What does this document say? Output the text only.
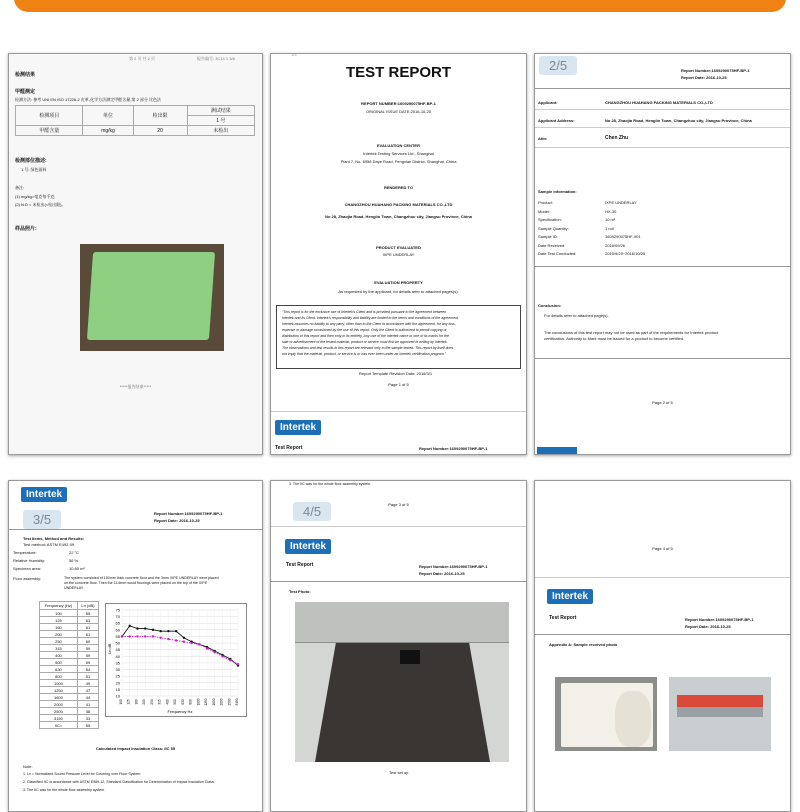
第 2 页 共 2 页	报告编号: 3C14 1 3/6
检测结果
甲醛测定
检测方法: 参考 UNI EN ISO 17226-2 皮革-化学方法测定甲醛含量-第 2 部分 比色法
检测项目	单位	检出限	测试结果
			1 号
甲醛含量	mg/kg	20	未检出
检测部位描述:
1 号: 绿色面料
备注:
(1) mg/kg=毫克每千克;
(2) N.D = 未检出(<检出限)。
样品照片:
*****报告结束*****
1/5
TEST REPORT
REPORT NUMBER:1609290075HF-BP-1
ORIGINAL ISSUE DATE:2016-10-25
EVALUATION CENTER
Intertek Testing Services Ltd., Shanghai
Plant 7, No. 6958 Daye Road, Fengxian District, Shanghai, China
RENDERED TO
CHANGZHOU HUAHANG PACKING MATERIALS CO.,LTD
No 28, Zhaojia Road, Henglin Town, Changzhou city, Jiangsu Province, China
PRODUCT EVALUATED
IXPE UNDERLAY
EVALUATION PROPERTY
As requested by the applicant, for details refer to attached pages(s).
"This report is for the exclusive use of Intertek's Client and is provided pursuant to the agreement between
Intertek and its Client. Intertek's responsibility and liability are limited to the terms and conditions of the agreement.
Intertek assumes no liability to any party, other than to the Client in accordance with the agreement, for any loss,
expense or damage occasioned by the use of this report. Only the Client is authorized to permit copying or
distribution of this report and then only in its entirety. Any use of the Intertek name or one of its marks for the
sale or advertisement of the tested material, product or service must first be approved in writing by Intertek.
The observations and test results in this report are relevant only to the sample tested. This report by itself does
not imply that the material, product, or service is or has ever been under an Intertek certification program."
Report Template Revision Date: 2016/3/1
Page 1 of 5
Intertek
Test Report	Report Number:1609290075HF-BP-1
2/5	Report Number:1609290075HF-BP-1
Report Date: 2016-10-25
Applicant:	CHANGZHOU HUAHANG PACKING MATERIALS CO.,LTD
Applicant Address:	No 28, Zhaojia Road, Henglin Town, Changzhou city, Jiangsu Province, China
Attn:	Chen Zhu
Sample information:
Product:	IXPE UNDERLAY
Model:	HX-30
Specification:	10 m²
Sample Quantity:	1 roll
Sample ID:	1609290075HF-001
Date Received:	2016/09/26
Date Test Conducted:	2016/9/29~2016/10/25
Conclusion:
For details refer to attached page(s).
The conclusions of this test report may not be used as part of the requirements for Intertek product
certification. Authority to Mark must be issued for a product to become certified.
Page 2 of 5
Intertek
3/5	Report Number:1609290075HF-BP-1
Report Date: 2016-10-25
Test Items, Method and Results:
Test method: ASTM E492-09
Temperature:	22 °C
Relative Humidity:	56 %
Specimen area:	10.80 m²
Floor assembly:	The system consisted of 150mm thick concrete floor and the 3mm IXPE UNDERLAY were placed
on the concrete floor. Then the 11.6mm wood floorings were placed on the top of the IXPE
UNDERLAY.
Frequency (Hz)	Ln (dB)
100	55
125	63
160	61
200	61
250	60
315	59
400	59
500	59
630	54
800	51
1000	49
1250	47
1600	44
2000	41
2500	38
3150	33
IIC=	55
10
15
20
25
30
35
40
45
50
55
60
65
70
75
100 125 160 200 250 315 400 500 630 800 1000 1250 1600 2000 2500 3150
Ln dB
Frequency Hz
Calculated Impact Insulation Class: IIC 55
Note:
1. Ln = Normalized Sound Pressure Level for Covering over Floor System
2. Classified IIC in accordance with ASTM E989-12, Standard Classification for Determination of Impact Insulation Class.
3. The IIC was for the whole floor assembly system.
3. The IIC was for the whole floor assembly system.
Page 3 of 5
4/5
Intertek
Test Report	Report Number:1609290075HF-BP-1
Report Date: 2016-10-25
Test Photo:
Test set up
Page 4 of 5
Intertek
Test Report	Report Number:1609290075HF-BP-1
Report Date: 2016-10-25
Appendix A: Sample received photo
